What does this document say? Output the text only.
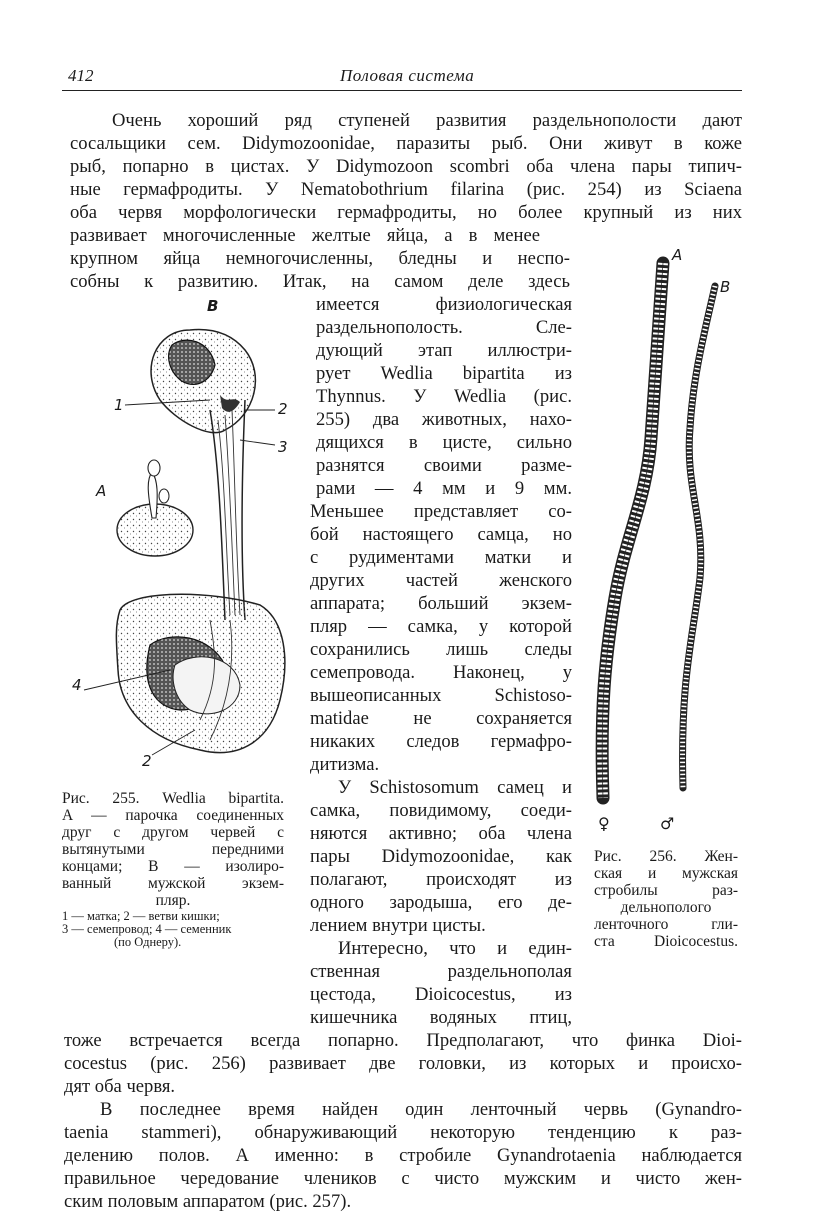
412	Половая система
Очень хороший ряд ступеней развития раздельнополости дают
сосальщики сем. Didymozoonidae, паразиты рыб. Они живут в коже
рыб, попарно в цистах. У Didymozoon scombri оба члена пары типич-
ные гермафродиты. У Nematobothrium filarina (рис. 254) из Sciaena
оба червя морфологически гермафродиты, но более крупный из них
развивает многочисленные желтые яйца, а в менее
крупном яйца немногочисленны, бледны и неспо-
собны к развитию. Итак, на самом деле здесь
имеется физиологическая
раздельнополость. Сле-
дующий этап иллюстри-
рует Wedlia bipartita из
Thynnus. У Wedlia (рис.
255) два животных, нахо-
дящихся в цисте, сильно
разнятся своими разме-
рами — 4 мм и 9 мм.
Меньшее представляет со-
бой настоящего самца, но
с рудиментами матки и
других частей женского
аппарата; больший экзем-
пляр — самка, у которой
сохранились лишь следы
семепровода. Наконец, у
вышеописанных Schistoso-
matidae не сохраняется
никаких следов гермафро-
дитизма.
У Schistosomum самец и
самка, повидимому, соеди-
няются активно; оба члена
пары Didymozoonidae, как
полагают, происходят из
одного зародыша, его де-
лением внутри цисты.
Интересно, что и един-
ственная раздельнополая
цестода, Dioicocestus, из
кишечника водяных птиц,
тоже встречается всегда попарно. Предполагают, что финка Dioi-
cocestus (рис. 256) развивает две головки, из которых и происхо-
дят оба червя.
В последнее время найден один ленточный червь (Gynandro-
taenia stammeri), обнаруживающий некоторую тенденцию к раз-
делению полов. А именно: в стробиле Gynandrotaenia наблюдается
правильное чередование члеников с чисто мужским и чисто жен-
ским половым аппаратом (рис. 257).
B
A
1	2
3
4
2
Рис. 255. Wedlia bipartita.
A — парочка соединенных
друг с другом червей с
вытянутыми передними
концами; B — изолиро-
ванный мужской экзем-
пляр.
1 — матка; 2 — ветви кишки;
3 — семепровод; 4 — семенник
(по Однеру).
A
B
♀	♂
Рис. 256. Жен-
ская и мужская
стробилы раз-
дельнополого
ленточного гли-
ста Dioicocestus.
